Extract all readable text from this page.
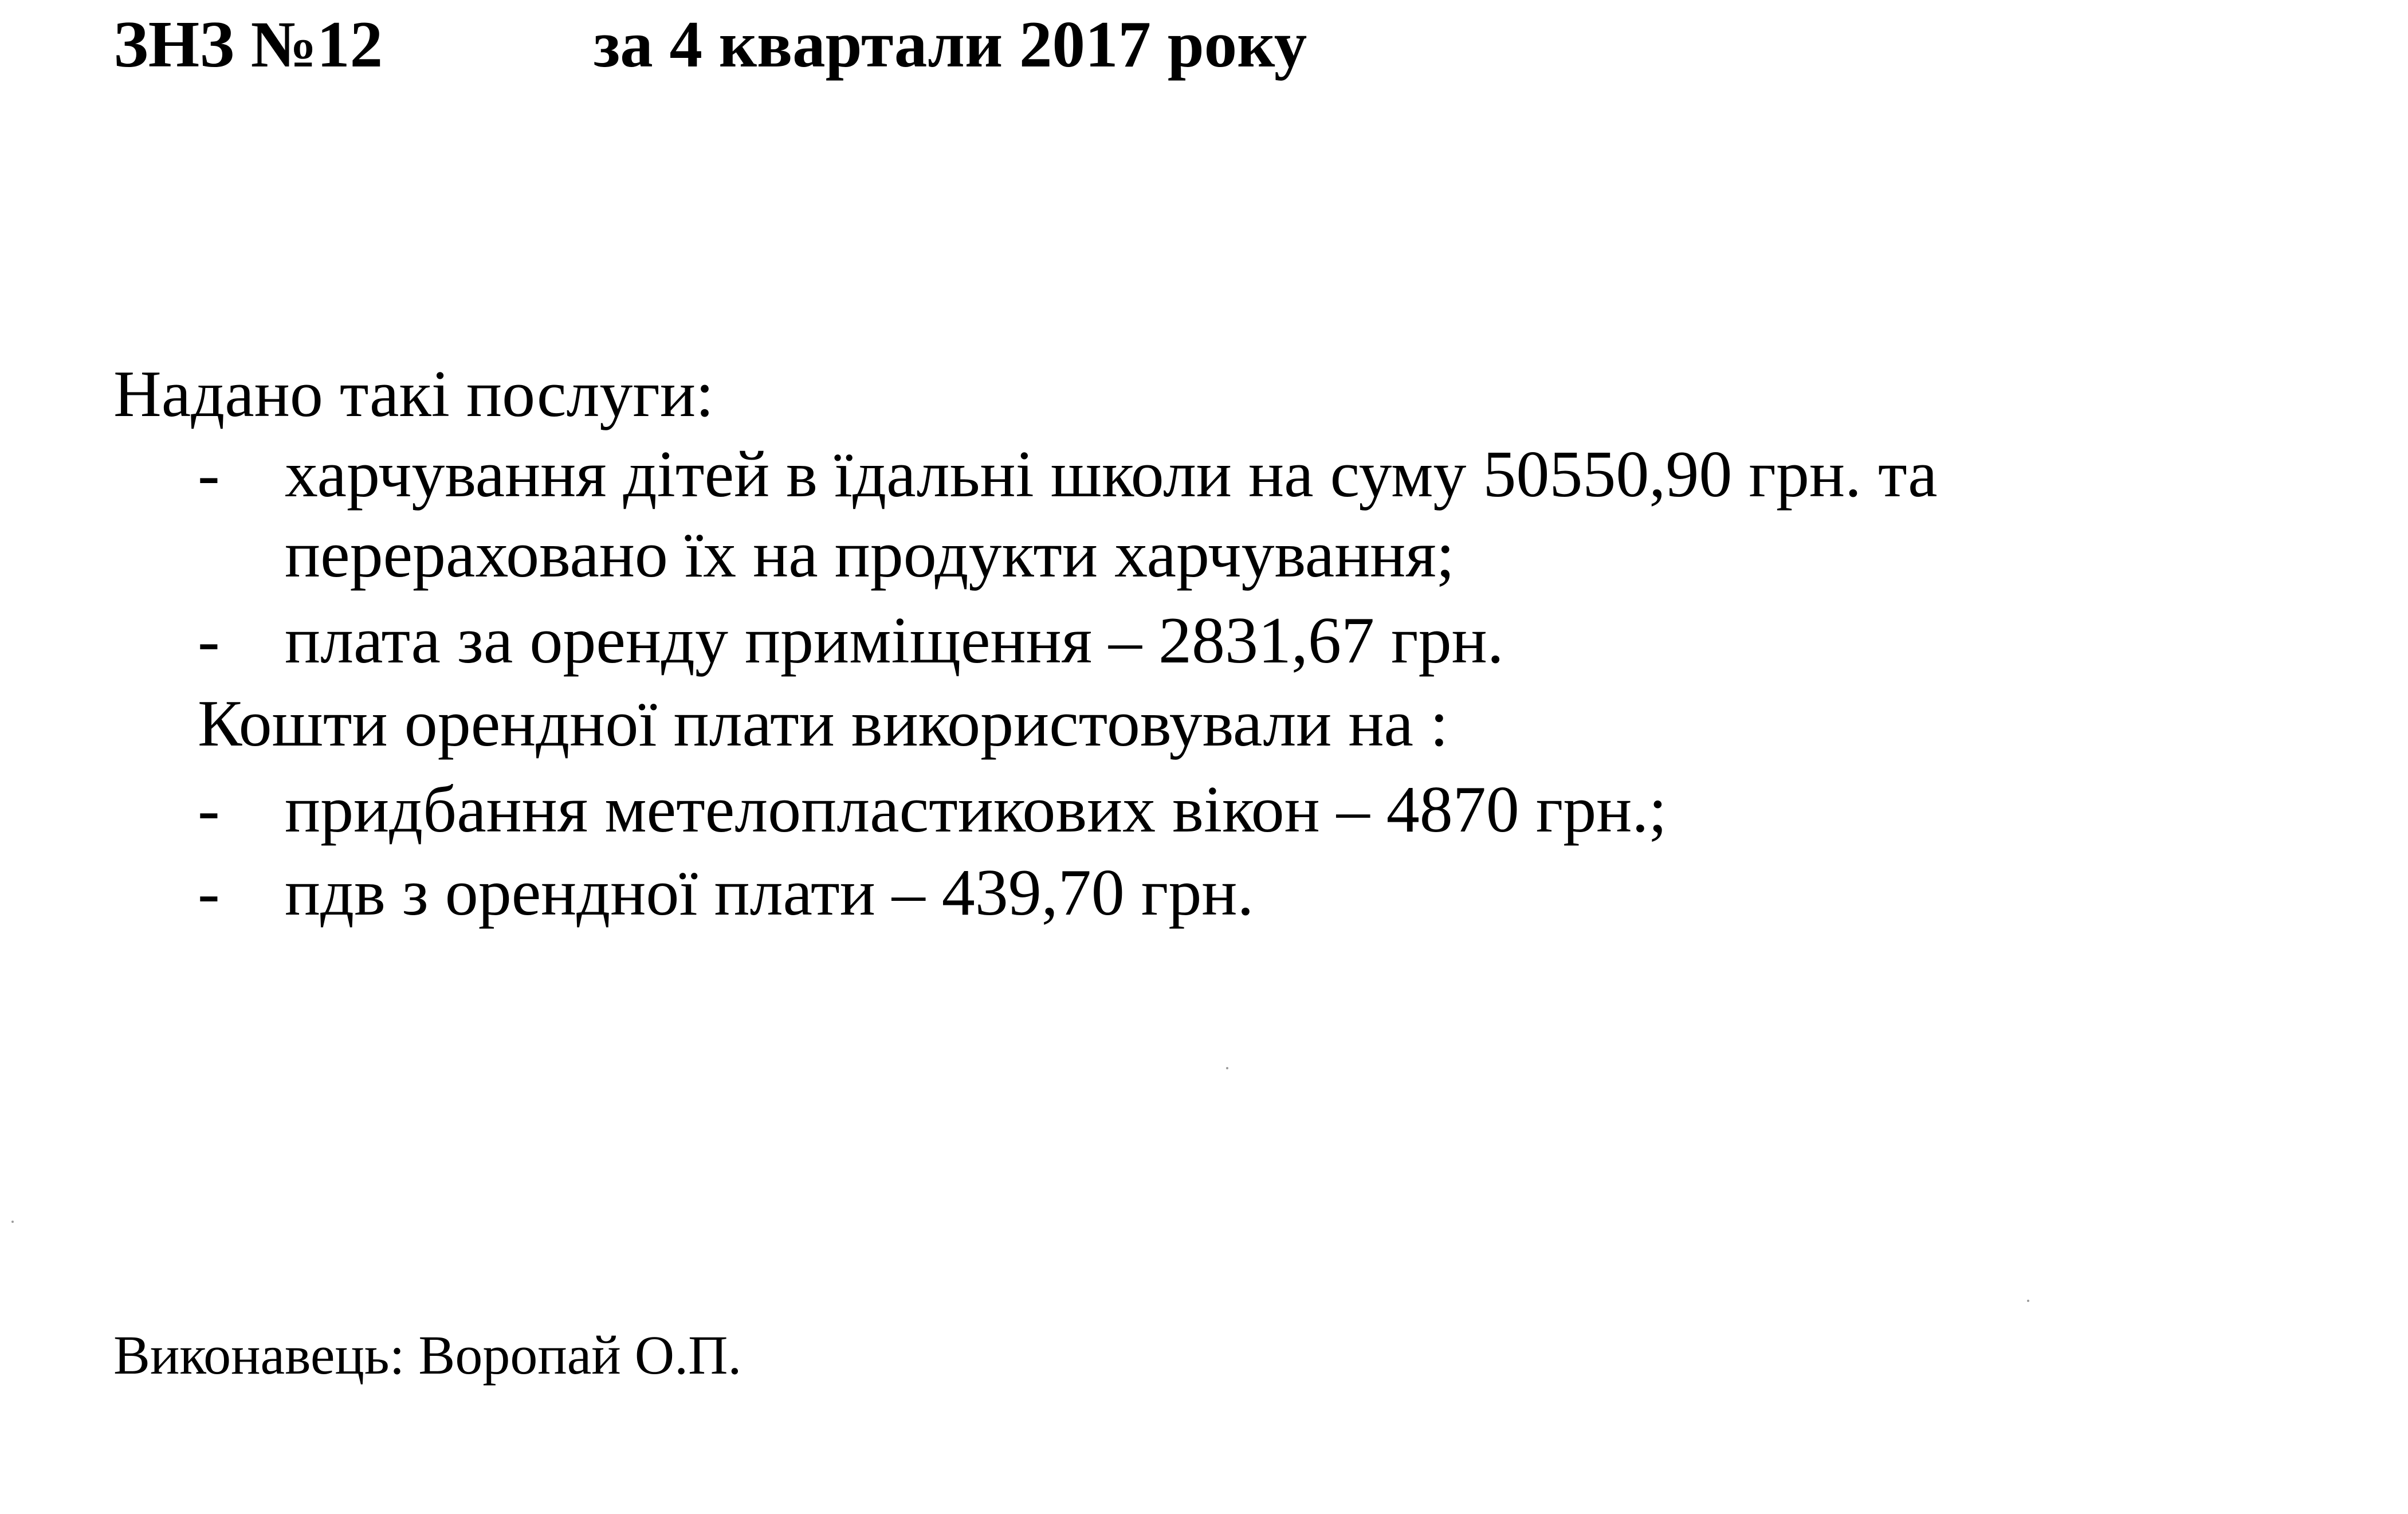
ЗНЗ №12	за 4 квартали 2017 року
Надано такі послуги:
- харчування дітей в їдальні школи на суму 50550,90 грн. та
перераховано їх на продукти харчування;
- плата за оренду приміщення – 2831,67 грн.
Кошти орендної плати використовували на :
- придбання метелопластикових вікон – 4870 грн.;
- пдв з орендної плати – 439,70 грн.
Виконавець: Воропай О.П.
